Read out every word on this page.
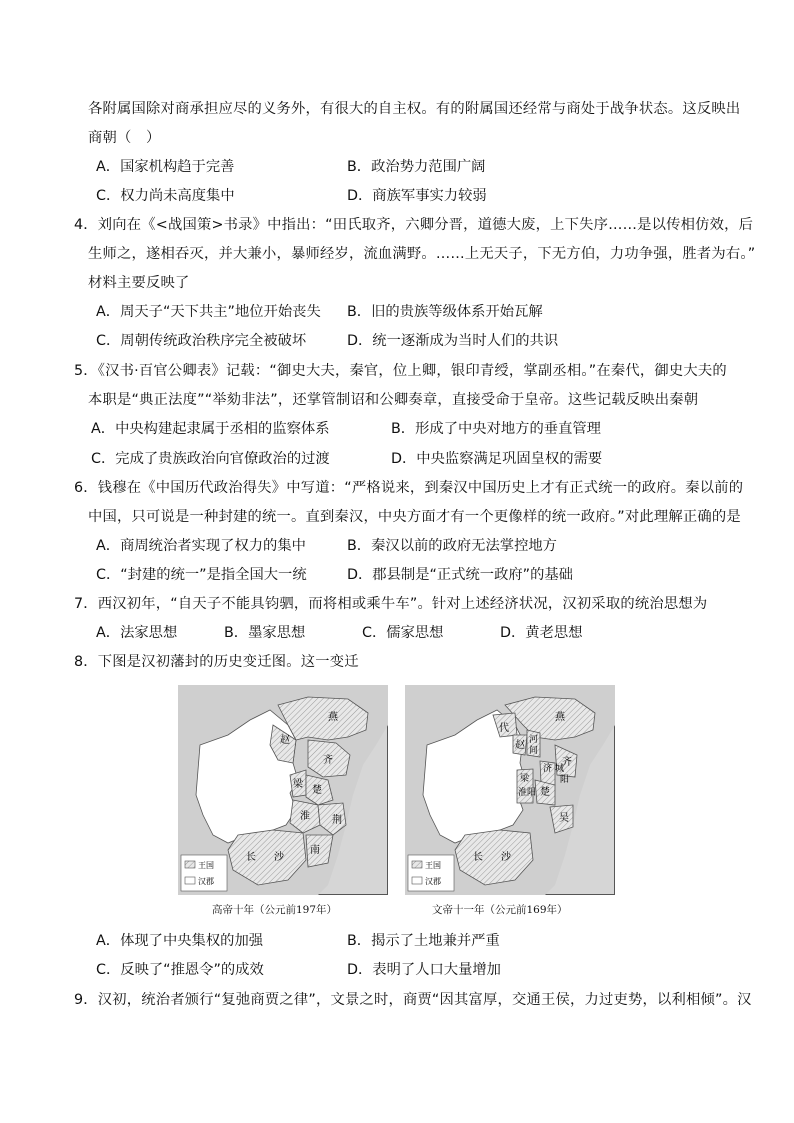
各附属国除对商承担应尽的义务外，有很大的自主权。有的附属国还经常与商处于战争状态。这反映出
商朝（　）
A．国家机构趋于完善	B．政治势力范围广阔
C．权力尚未高度集中	D．商族军事实力较弱
4．刘向在《<战国策>书录》中指出：“田氏取齐，六卿分晋，道德大废，上下失序……是以传相仿效，后
生师之，遂相吞灭，并大兼小，暴师经岁，流血满野。……上无天子，下无方伯，力功争强，胜者为右。”
材料主要反映了
A．周天子“天下共主”地位开始丧失 B．旧的贵族等级体系开始瓦解
C．周朝传统政治秩序完全被破坏	D．统一逐渐成为当时人们的共识
5．《汉书·百官公卿表》记载：“御史大夫，秦官，位上卿，银印青绶，掌副丞相。”在秦代，御史大夫的
本职是“典正法度”“举劾非法”，还掌管制诏和公卿奏章，直接受命于皇帝。这些记载反映出秦朝
A．中央构建起隶属于丞相的监察体系	B．形成了中央对地方的垂直管理
C．完成了贵族政治向官僚政治的过渡	D．中央监察满足巩固皇权的需要
6．钱穆在《中国历代政治得失》中写道：“严格说来，到秦汉中国历史上才有正式统一的政府。秦以前的
中国，只可说是一种封建的统一。直到秦汉，中央方面才有一个更像样的统一政府。”对此理解正确的是
A．商周统治者实现了权力的集中	B．秦汉以前的政府无法掌控地方
C．“封建的统一”是指全国大一统	D．郡县制是“正式统一政府”的基础
7．西汉初年，“自天子不能具钧驷，而将相或乘牛车”。针对上述经济状况，汉初采取的统治思想为
A．法家思想	B．墨家思想	C．儒家思想	D．黄老思想
8．下图是汉初藩封的历史变迁图。这一变迁
燕
赵
齐
梁
楚
淮 荆
南
长 沙
王国
汉郡
高帝十年（公元前197年）
燕
代
赵 河
间
齐
济 城
阳
梁
淮 阳 楚
吴
长 沙
王国
汉郡
文帝十一年（公元前169年）
A．体现了中央集权的加强	B．揭示了土地兼并严重
C．反映了“推恩令”的成效	D．表明了人口大量增加
9．汉初，统治者颁行“复弛商贾之律”，文景之时，商贾“因其富厚，交通王侯，力过吏势，以利相倾”。汉
